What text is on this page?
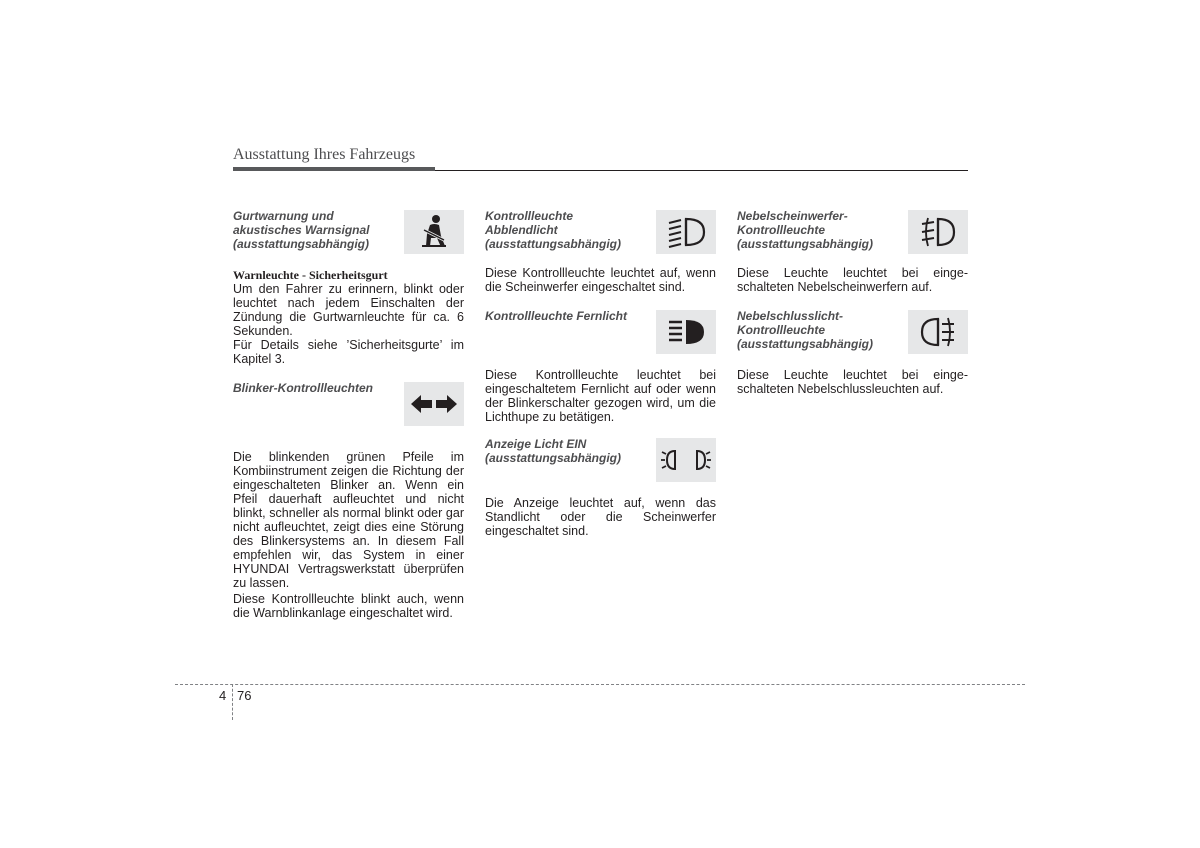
Ausstattung Ihres Fahrzeugs
Gurtwarnung und akustisches Warnsignal (ausstattungsabhängig)
Warnleuchte - Sicherheitsgurt

Um den Fahrer zu erinnern, blinkt oder leuchtet nach jedem Einschalten der Zündung die Gurtwarnleuchte für ca. 6 Sekunden.

Für Details siehe ’Sicherheitsgurte’ im Kapitel 3.

Blinker-Kontrollleuchten

Die blinkenden grünen Pfeile im Kombiinstrument zeigen die Richtung der eingeschalteten Blinker an. Wenn ein Pfeil dauerhaft aufleuchtet und nicht blinkt, schneller als normal blinkt oder gar nicht aufleuchtet, zeigt dies eine Störung des Blinkersystems an. In diesem Fall empfehlen wir, das System in einer HYUNDAI Vertragswerkstatt überprüfen zu lassen.

Diese Kontrollleuchte blinkt auch, wenn die Warnblinkanlage eingeschaltet wird.

Kontrollleuchte Abblendlicht (ausstattungsabhängig)

Diese Kontrollleuchte leuchtet auf, wenn die Scheinwerfer eingeschaltet sind.

Kontrollleuchte Fernlicht

Diese Kontrollleuchte leuchtet bei eingeschaltetem Fernlicht auf oder wenn der Blinkerschalter gezogen wird, um die Lichthupe zu betätigen.

Anzeige Licht EIN (ausstattungsabhängig)

Die Anzeige leuchtet auf, wenn das Standlicht oder die Scheinwerfer eingeschaltet sind.

Nebelscheinwerfer-Kontrollleuchte (ausstattungsabhängig)

Diese Leuchte leuchtet bei einge-schalteten Nebelscheinwerfern auf.

Nebelschlusslicht-Kontrollleuchte (ausstattungsabhängig)

Diese Leuchte leuchtet bei einge-schalteten Nebelschlussleuchten auf.

4 76
